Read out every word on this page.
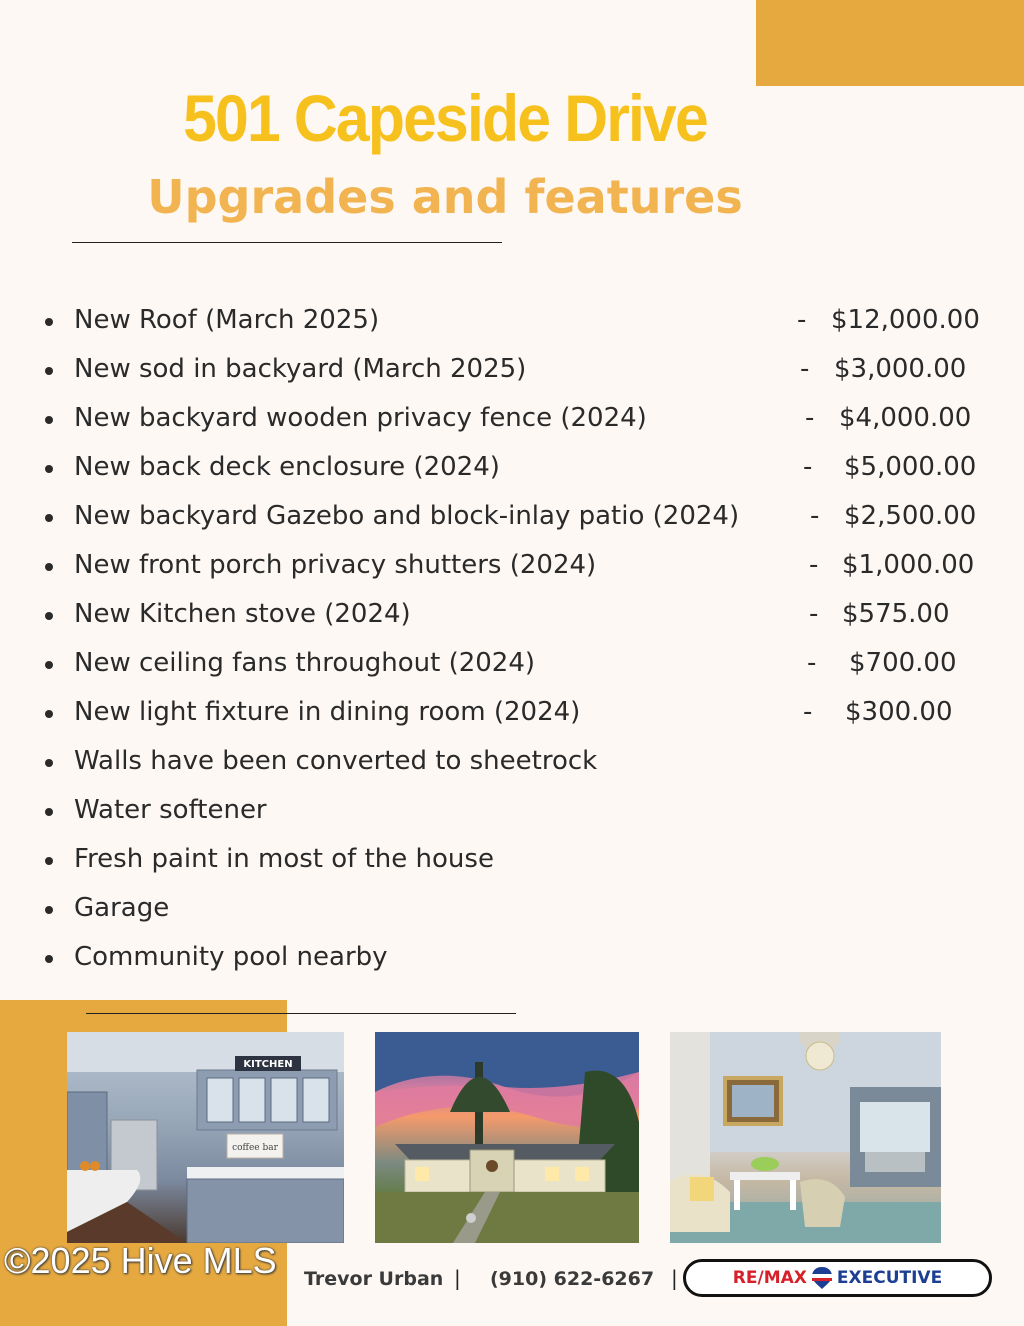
501 Capeside Drive
Upgrades and features
New Roof (March 2025)	- $12,000.00
New sod in backyard (March 2025)	- $3,000.00
New backyard wooden privacy fence (2024)	- $4,000.00
New back deck enclosure (2024)	- $5,000.00
New backyard Gazebo and block-inlay patio (2024)	- $2,500.00
New front porch privacy shutters (2024)	- $1,000.00
New Kitchen stove (2024)	- $575.00
New ceiling fans throughout (2024)	- $700.00
New light fixture in dining room (2024)	- $300.00
Walls have been converted to sheetrock
Water softener
Fresh paint in most of the house
Garage
Community pool nearby
KITCHEN
coffee bar
©2025 Hive MLS Trevor Urban | (910) 622-6267 |	RE/MAX EXECUTIVE
